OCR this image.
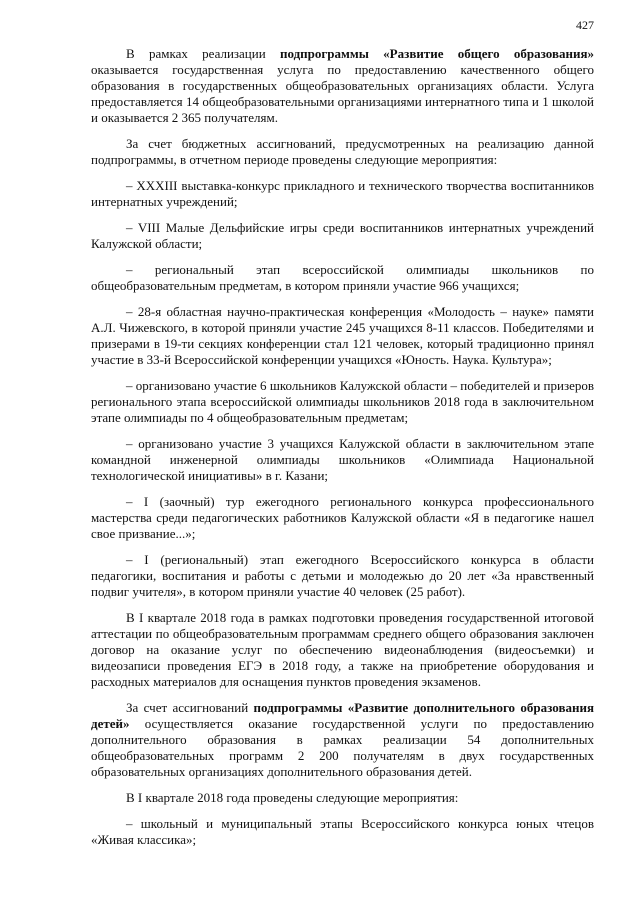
427

В рамках реализации подпрограммы «Развитие общего образования» оказывается государственная услуга по предоставлению качественного общего образования в государственных общеобразовательных организациях области. Услуга предоставляется 14 общеобразовательными организациями интернатного типа и 1 школой и оказывается 2 365 получателям.

За счет бюджетных ассигнований, предусмотренных на реализацию данной подпрограммы, в отчетном периоде проведены следующие мероприятия:

– XXXIII выставка-конкурс прикладного и технического творчества воспитанников интернатных учреждений;

– VIII Малые Дельфийские игры среди воспитанников интернатных учреждений Калужской области;

– региональный этап всероссийской олимпиады школьников по общеобразовательным предметам, в котором приняли участие 966 учащихся;

– 28-я областная научно-практическая конференция «Молодость – науке» памяти А.Л. Чижевского, в которой приняли участие 245 учащихся 8-11 классов. Победителями и призерами в 19-ти секциях конференции стал 121 человек, который традиционно принял участие в 33-й Всероссийской конференции учащихся «Юность. Наука. Культура»;

– организовано участие 6 школьников Калужской области – победителей и призеров регионального этапа всероссийской олимпиады школьников 2018 года в заключительном этапе олимпиады по 4 общеобразовательным предметам;

– организовано участие 3 учащихся Калужской области в заключительном этапе командной инженерной олимпиады школьников «Олимпиада Национальной технологической инициативы» в г. Казани;

– I (заочный) тур ежегодного регионального конкурса профессионального мастерства среди педагогических работников Калужской области «Я в педагогике нашел свое призвание...»;

– I (региональный) этап ежегодного Всероссийского конкурса в области педагогики, воспитания и работы с детьми и молодежью до 20 лет «За нравственный подвиг учителя», в котором приняли участие 40 человек (25 работ).

В I квартале 2018 года в рамках подготовки проведения государственной итоговой аттестации по общеобразовательным программам среднего общего образования заключен договор на оказание услуг по обеспечению видеонаблюдения (видеосъемки) и видеозаписи проведения ЕГЭ в 2018 году, а также на приобретение оборудования и расходных материалов для оснащения пунктов проведения экзаменов.

За счет ассигнований подпрограммы «Развитие дополнительного образования детей» осуществляется оказание государственной услуги по предоставлению дополнительного образования в рамках реализации 54 дополнительных общеобразовательных программ 2 200 получателям в двух государственных образовательных организациях дополнительного образования детей.

В I квартале 2018 года проведены следующие мероприятия:

– школьный и муниципальный этапы Всероссийского конкурса юных чтецов «Живая классика»;
